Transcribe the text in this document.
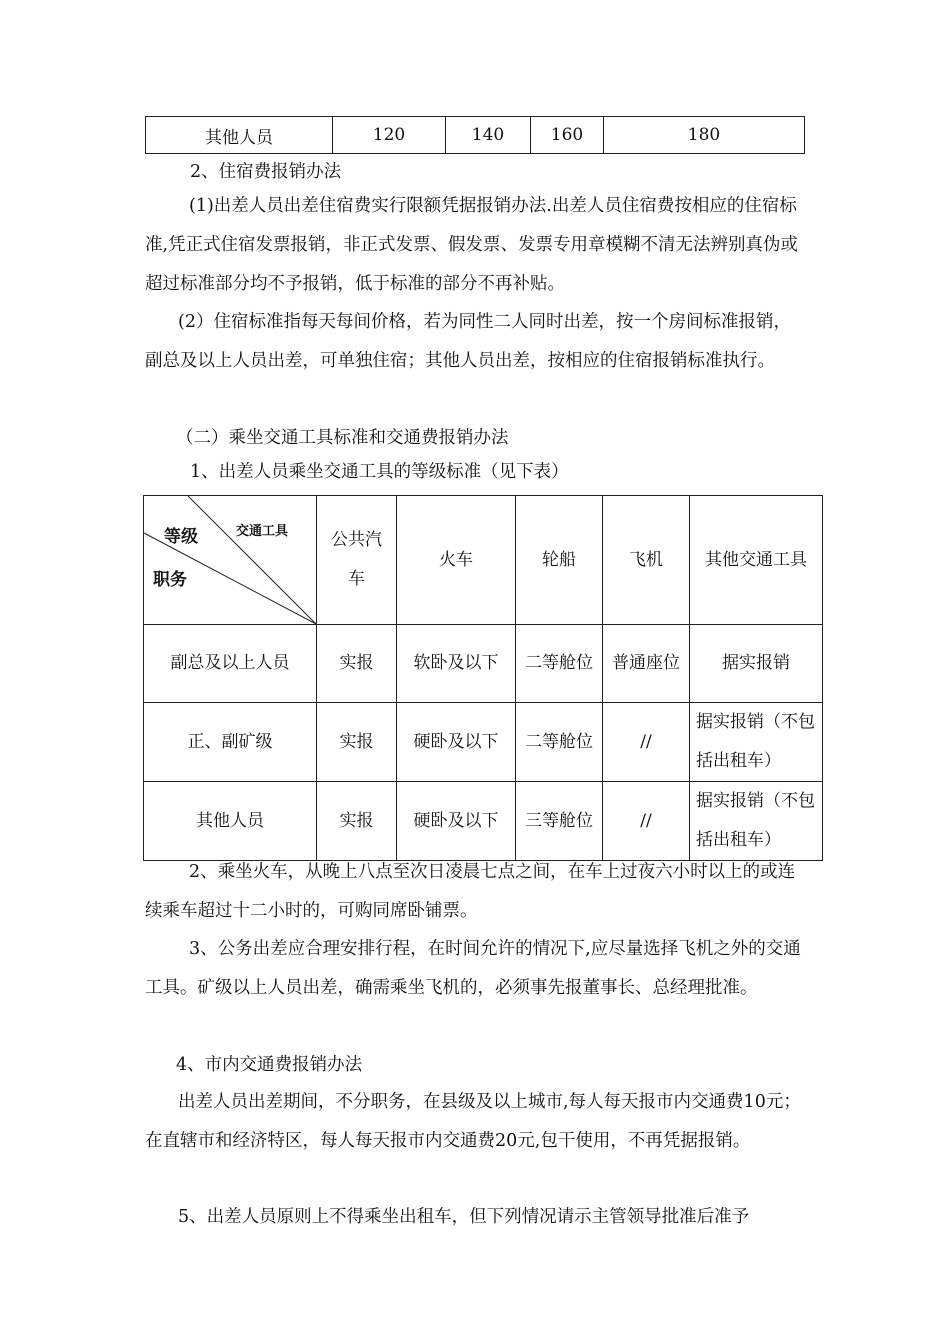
其他人员	120	140	160	180

2、住宿费报销办法

(1)出差人员出差住宿费实行限额凭据报销办法.出差人员住宿费按相应的住宿标准,凭正式住宿发票报销，非正式发票、假发票、发票专用章模糊不清无法辨别真伪或超过标准部分均不予报销，低于标准的部分不再补贴。

(2）住宿标准指每天每间价格，若为同性二人同时出差，按一个房间标准报销，副总及以上人员出差，可单独住宿；其他人员出差，按相应的住宿报销标准执行。

（二）乘坐交通工具标准和交通费报销办法

1、出差人员乘坐交通工具的等级标准（见下表）

交通工具
等级
职务	公共汽车	火车	轮船	飞机	其他交通工具
副总及以上人员	实报	软卧及以下	二等舱位	普通座位	据实报销
正、副矿级	实报	硬卧及以下	二等舱位	//	据实报销（不包括出租车）
其他人员	实报	硬卧及以下	三等舱位	//	据实报销（不包括出租车）

2、乘坐火车，从晚上八点至次日凌晨七点之间，在车上过夜六小时以上的或连续乘车超过十二小时的，可购同席卧铺票。

3、公务出差应合理安排行程，在时间允许的情况下,应尽量选择飞机之外的交通工具。矿级以上人员出差，确需乘坐飞机的，必须事先报董事长、总经理批准。

4、市内交通费报销办法

出差人员出差期间，不分职务，在县级及以上城市,每人每天报市内交通费10元；在直辖市和经济特区，每人每天报市内交通费20元,包干使用，不再凭据报销。

5、出差人员原则上不得乘坐出租车，但下列情况请示主管领导批准后准予
